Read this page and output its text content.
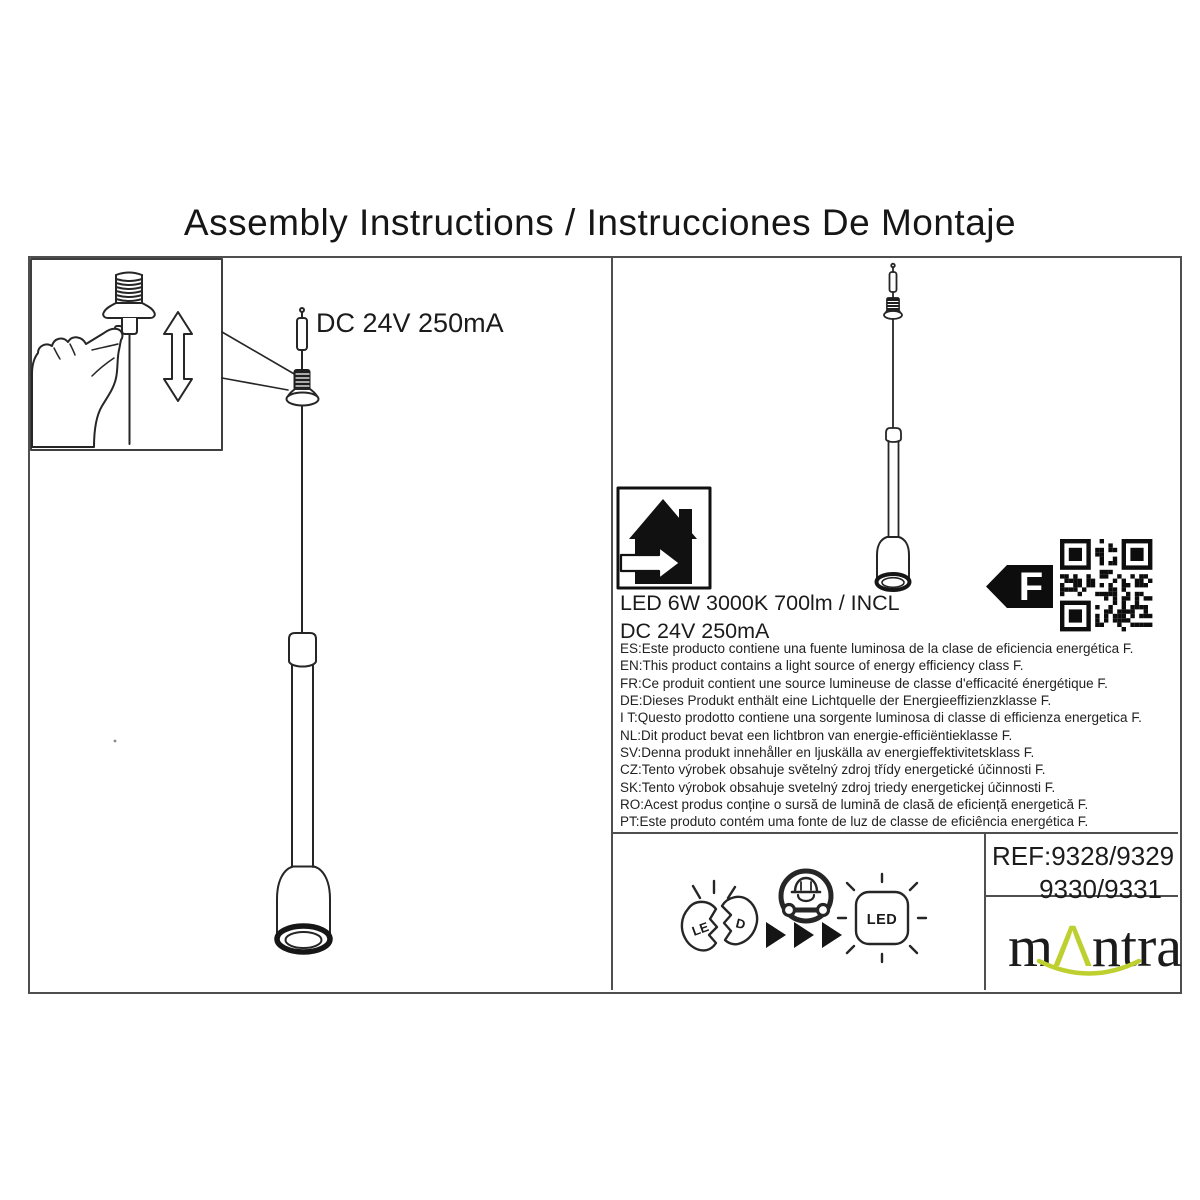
Assembly Instructions / Instrucciones De Montaje
F
LE D	LED
DC 24V 250mA
LED 6W 3000K 700lm / INCL
DC 24V 250mA
ES:Este producto contiene una fuente luminosa de la clase de eficiencia energética F.
EN:This product contains a light source of energy efficiency class F.
FR:Ce produit contient une source lumineuse de classe d'efficacité énergétique F.
DE:Dieses Produkt enthält eine Lichtquelle der Energieeffizienzklasse F.
I T:Questo prodotto contiene una sorgente luminosa di classe di efficienza energetica F.
NL:Dit product bevat een lichtbron van energie-efficiëntieklasse F.
SV:Denna produkt innehåller en ljuskälla av energieffektivitetsklass F.
CZ:Tento výrobek obsahuje světelný zdroj třídy energetické účinnosti F.
SK:Tento výrobok obsahuje svetelný zdroj triedy energetickej účinnosti F.
RO:Acest produs conține o sursă de lumină de clasă de eficiență energetică F.
PT:Este produto contém uma fonte de luz de classe de eficiência energética F.
REF:9328/9329
9330/9331
mΛntra
